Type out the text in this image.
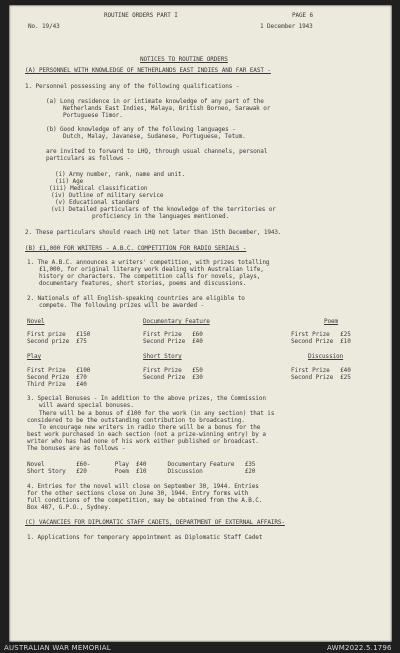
ROUTINE ORDERS PART I	PAGE 6
No. 19/43	1 December 1943
NOTICES TO ROUTINE ORDERS
(A) PERSONNEL WITH KNOWLEDGE OF NETHERLANDS EAST INDIES AND FAR EAST -
1. Personnel possessing any of the following qualifications -
(a) Long residence in or intimate knowledge of any part of the
Netherlands East Indies, Malaya, British Borneo, Sarawak or
Portuguese Timor.
(b) Good knowledge of any of the following languages -
Dutch, Malay, Javanese, Sudanese, Portuguese, Tetum.
are invited to forward to LHQ, through usual channels, personal
particulars as follows -
(i) Army number, rank, name and unit.
(ii) Age
(iii) Medical classification
(iv) Outline of military service
(v) Educational standard
(vi) Detailed particulars of the knowledge of the territories or
proficiency in the languages mentioned.
2. These particulars should reach LHQ not later than 15th December, 1943.
(B) £1,000 FOR WRITERS - A.B.C. COMPETITION FOR RADIO SERIALS -
1. The A.B.C. announces a writers' competition, with prizes totalling
£1,000, for original literary work dealing with Australian life,
history or characters. The competition calls for novels, plays,
documentary features, short stories, poems and discussions.
2. Nationals of all English-speaking countries are eligible to
compete. The following prizes will be awarded -
Novel
First prize   £150
Second prize  £75
Documentary Feature
First Prize   £60
Second Prize  £40
Poem
First Prize   £25
Second Prize  £10
Play
First Prize   £100
Second Prize  £70
Third Prize   £40
Short Story
First Prize   £50
Second Prize  £30
Discussion
First Prize   £40
Second Prize  £25
3. Special Bonuses - In addition to the above prizes, the Commission
will award special bonuses.
There will be a bonus of £100 for the work (in any section) that is
considered to be the outstanding contribution to broadcasting.
To encourage new writers in radio there will be a bonus for the
best work purchased in each section (not a prize-winning entry) by a
writer who has had none of his work either published or broadcast.
The bonuses are as follows -
Novel         £60-       Play  £40      Documentary Feature   £35
Short Story   £20        Poem  £10      Discussion            £20
4. Entries for the novel will close on September 30, 1944. Entries
for the other sections close on June 30, 1944. Entry forms with
full conditions of the competition, may be obtained from the A.B.C.
Box 487, G.P.O., Sydney.
(C) VACANCIES FOR DIPLOMATIC STAFF CADETS, DEPARTMENT OF EXTERNAL AFFAIRS-
1. Applications for temporary appointment as Diplomatic Staff Cadet
AUSTRALIAN WAR MEMORIAL	AWM2022.5.1796
